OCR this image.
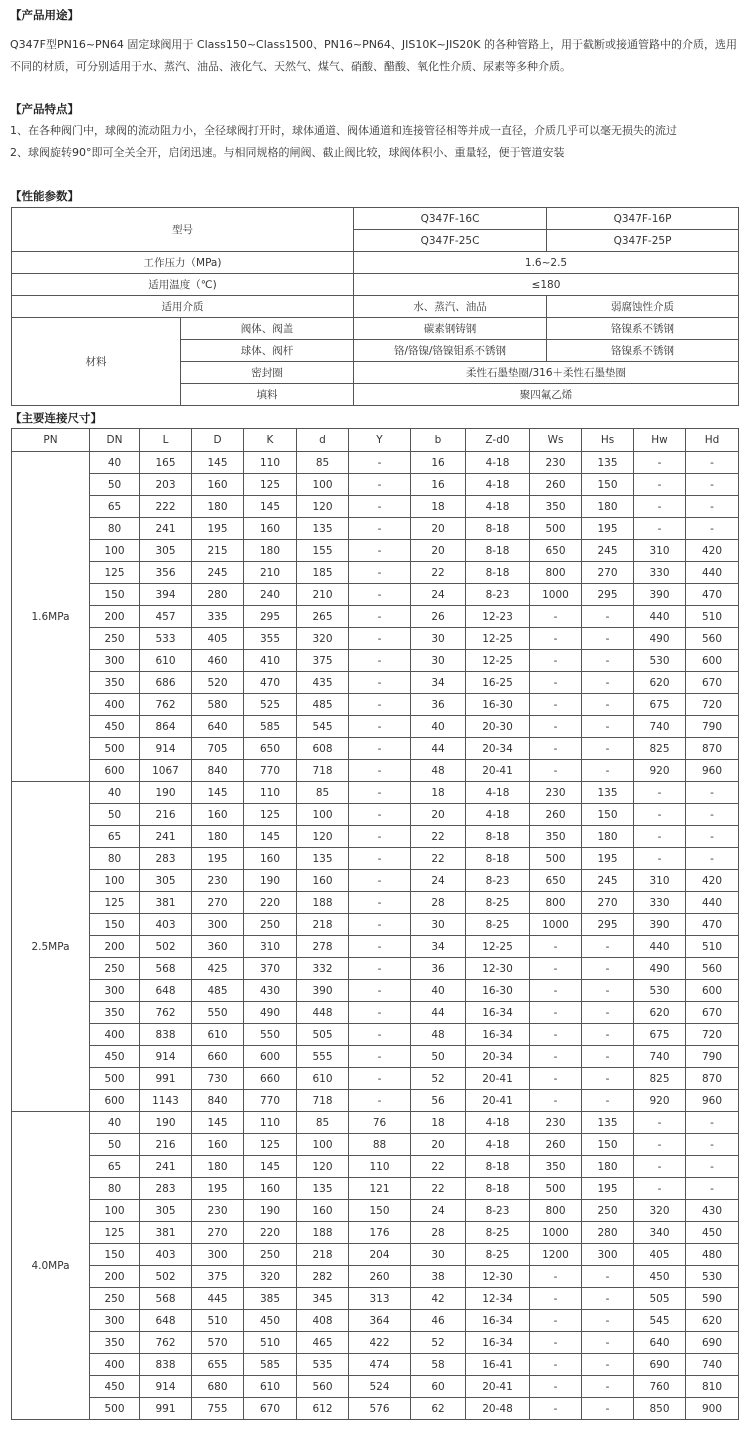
【产品用途】
Q347F型PN16~PN64 固定球阀用于 Class150~Class1500、PN16~PN64、JIS10K~JIS20K 的各种管路上，用于截断或接通管路中的介质，选用不同的材质，可分别适用于水、蒸汽、油品、液化气、天然气、煤气、硝酸、醋酸、氧化性介质、尿素等多种介质。
【产品特点】
1、在各种阀门中，球阀的流动阻力小，全径球阀打开时，球体通道、阀体通道和连接管径相等并成一直径，介质几乎可以毫无损失的流过
2、球阀旋转90°即可全关全开，启闭迅速。与相同规格的闸阀、截止阀比较，球阀体积小、重量轻，便于管道安装
【性能参数】
型号		Q347F-16C	Q347F-16P
		Q347F-25C	Q347F-25P
工作压力（MPa)		1.6~2.5	
适用温度（℃)		≤180	
适用介质		水、蒸汽、油品	弱腐蚀性介质
材料	阀体、阀盖	碳素钢铸钢	铬镍系不锈钢
	球体、阀杆	铬/铬镍/铬镍钼系不锈钢	铬镍系不锈钢
	密封圈	柔性石墨垫圈/316＋柔性石墨垫圈	
	填料	聚四氟乙烯	
【主要连接尺寸】
PN	DN	L	D	K	d	Y	b	Z-d0	Ws	Hs	Hw	Hd
1.6MPa	40	165	145	110	85	-	16	4-18	230	135	-	-
	50	203	160	125	100	-	16	4-18	260	150	-	-
	65	222	180	145	120	-	18	4-18	350	180	-	-
	80	241	195	160	135	-	20	8-18	500	195	-	-
	100	305	215	180	155	-	20	8-18	650	245	310	420
	125	356	245	210	185	-	22	8-18	800	270	330	440
	150	394	280	240	210	-	24	8-23	1000	295	390	470
	200	457	335	295	265	-	26	12-23	-	-	440	510
	250	533	405	355	320	-	30	12-25	-	-	490	560
	300	610	460	410	375	-	30	12-25	-	-	530	600
	350	686	520	470	435	-	34	16-25	-	-	620	670
	400	762	580	525	485	-	36	16-30	-	-	675	720
	450	864	640	585	545	-	40	20-30	-	-	740	790
	500	914	705	650	608	-	44	20-34	-	-	825	870
	600	1067	840	770	718	-	48	20-41	-	-	920	960
2.5MPa	40	190	145	110	85	-	18	4-18	230	135	-	-
	50	216	160	125	100	-	20	4-18	260	150	-	-
	65	241	180	145	120	-	22	8-18	350	180	-	-
	80	283	195	160	135	-	22	8-18	500	195	-	-
	100	305	230	190	160	-	24	8-23	650	245	310	420
	125	381	270	220	188	-	28	8-25	800	270	330	440
	150	403	300	250	218	-	30	8-25	1000	295	390	470
	200	502	360	310	278	-	34	12-25	-	-	440	510
	250	568	425	370	332	-	36	12-30	-	-	490	560
	300	648	485	430	390	-	40	16-30	-	-	530	600
	350	762	550	490	448	-	44	16-34	-	-	620	670
	400	838	610	550	505	-	48	16-34	-	-	675	720
	450	914	660	600	555	-	50	20-34	-	-	740	790
	500	991	730	660	610	-	52	20-41	-	-	825	870
	600	1143	840	770	718	-	56	20-41	-	-	920	960
4.0MPa	40	190	145	110	85	76	18	4-18	230	135	-	-
	50	216	160	125	100	88	20	4-18	260	150	-	-
	65	241	180	145	120	110	22	8-18	350	180	-	-
	80	283	195	160	135	121	22	8-18	500	195	-	-
	100	305	230	190	160	150	24	8-23	800	250	320	430
	125	381	270	220	188	176	28	8-25	1000	280	340	450
	150	403	300	250	218	204	30	8-25	1200	300	405	480
	200	502	375	320	282	260	38	12-30	-	-	450	530
	250	568	445	385	345	313	42	12-34	-	-	505	590
	300	648	510	450	408	364	46	16-34	-	-	545	620
	350	762	570	510	465	422	52	16-34	-	-	640	690
	400	838	655	585	535	474	58	16-41	-	-	690	740
	450	914	680	610	560	524	60	20-41	-	-	760	810
	500	991	755	670	612	576	62	20-48	-	-	850	900
